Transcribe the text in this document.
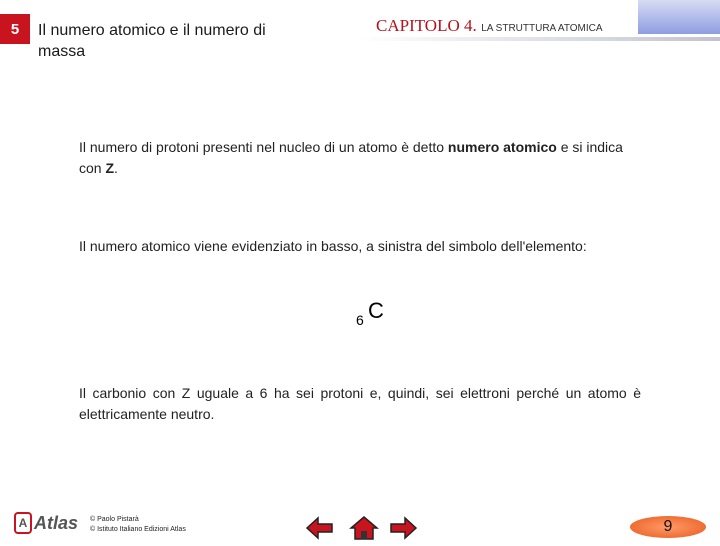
5 Il numero atomico e il numero di massa
CAPITOLO 4. LA STRUTTURA ATOMICA
Il numero di protoni presenti nel nucleo di un atomo è detto numero atomico e si indica con Z.
Il numero atomico viene evidenziato in basso, a sinistra del simbolo dell'elemento:
6 C
Il carbonio con Z uguale a 6 ha sei protoni e, quindi, sei elettroni perché un atomo è elettricamente neutro.
A Atlas © Paolo Pistarà
© Istituto Italiano Edizioni Atlas	9
